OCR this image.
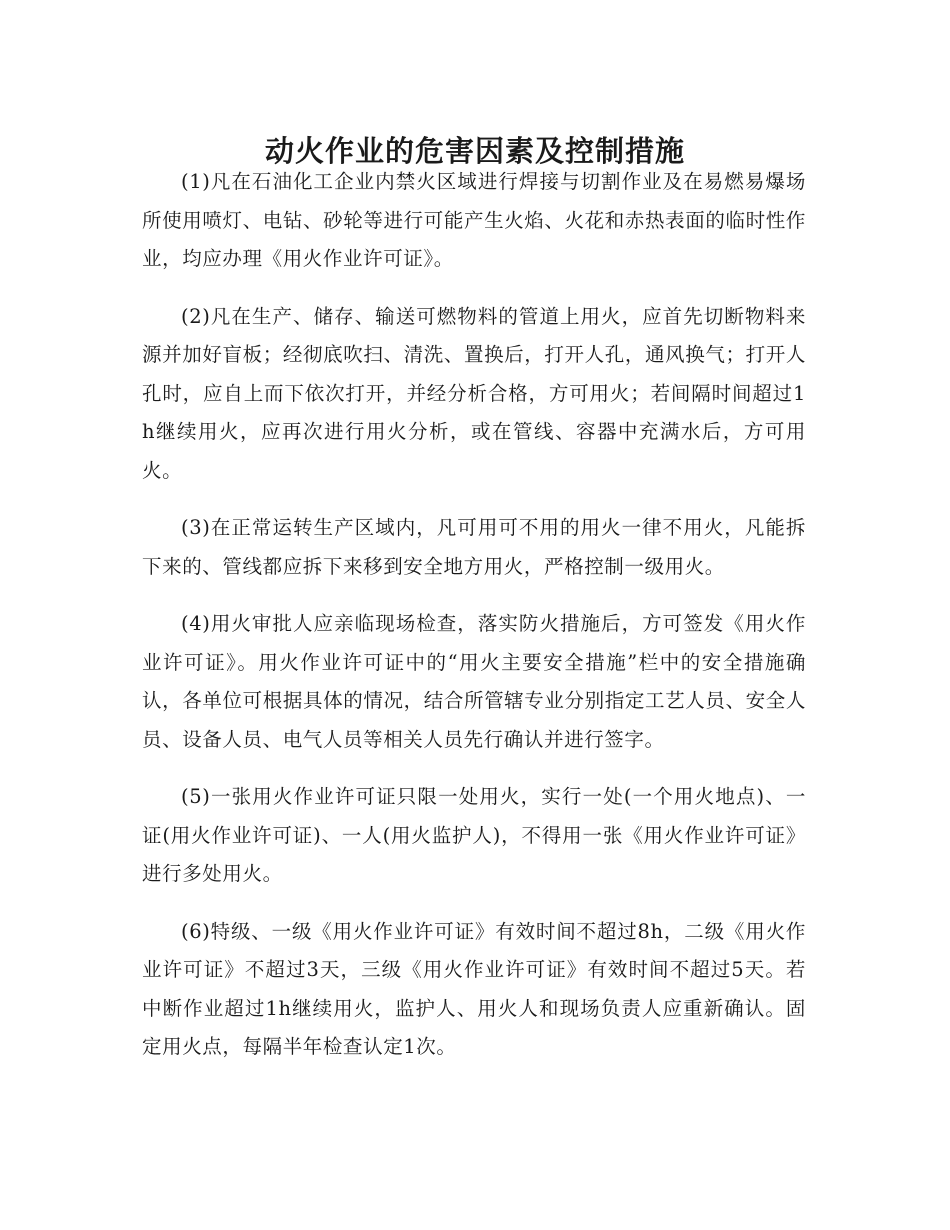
动火作业的危害因素及控制措施

(1)凡在石油化工企业内禁火区域进行焊接与切割作业及在易燃易爆场所使用喷灯、电钻、砂轮等进行可能产生火焰、火花和赤热表面的临时性作业，均应办理《用火作业许可证》。

(2)凡在生产、储存、输送可燃物料的管道上用火，应首先切断物料来源并加好盲板；经彻底吹扫、清洗、置换后，打开人孔，通风换气；打开人孔时，应自上而下依次打开，并经分析合格，方可用火；若间隔时间超过1h继续用火，应再次进行用火分析，或在管线、容器中充满水后，方可用火。

(3)在正常运转生产区域内，凡可用可不用的用火一律不用火，凡能拆下来的、管线都应拆下来移到安全地方用火，严格控制一级用火。

(4)用火审批人应亲临现场检查，落实防火措施后，方可签发《用火作业许可证》。用火作业许可证中的“用火主要安全措施”栏中的安全措施确认，各单位可根据具体的情况，结合所管辖专业分别指定工艺人员、安全人员、设备人员、电气人员等相关人员先行确认并进行签字。

(5)一张用火作业许可证只限一处用火，实行一处(一个用火地点)、一证(用火作业许可证)、一人(用火监护人)，不得用一张《用火作业许可证》进行多处用火。

(6)特级、一级《用火作业许可证》有效时间不超过8h，二级《用火作业许可证》不超过3天，三级《用火作业许可证》有效时间不超过5天。若中断作业超过1h继续用火，监护人、用火人和现场负责人应重新确认。固定用火点，每隔半年检查认定1次。
